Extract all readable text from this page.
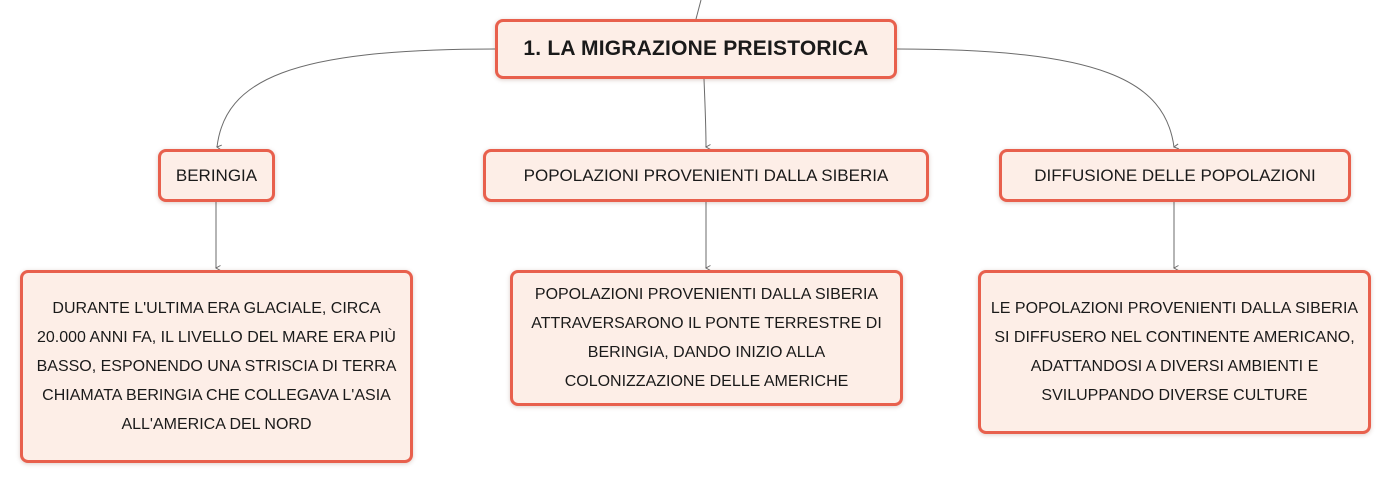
1. LA MIGRAZIONE PREISTORICA
BERINGIA	POPOLAZIONI PROVENIENTI DALLA SIBERIA	DIFFUSIONE DELLE POPOLAZIONI
DURANTE L'ULTIMA ERA GLACIALE, CIRCA 20.000 ANNI FA, IL LIVELLO DEL MARE ERA PIÙ BASSO, ESPONENDO UNA STRISCIA DI TERRA CHIAMATA BERINGIA CHE COLLEGAVA L'ASIA ALL'AMERICA DEL NORD
POPOLAZIONI PROVENIENTI DALLA SIBERIA ATTRAVERSARONO IL PONTE TERRESTRE DI BERINGIA, DANDO INIZIO ALLA COLONIZZAZIONE DELLE AMERICHE
LE POPOLAZIONI PROVENIENTI DALLA SIBERIA SI DIFFUSERO NEL CONTINENTE AMERICANO, ADATTANDOSI A DIVERSI AMBIENTI E SVILUPPANDO DIVERSE CULTURE
